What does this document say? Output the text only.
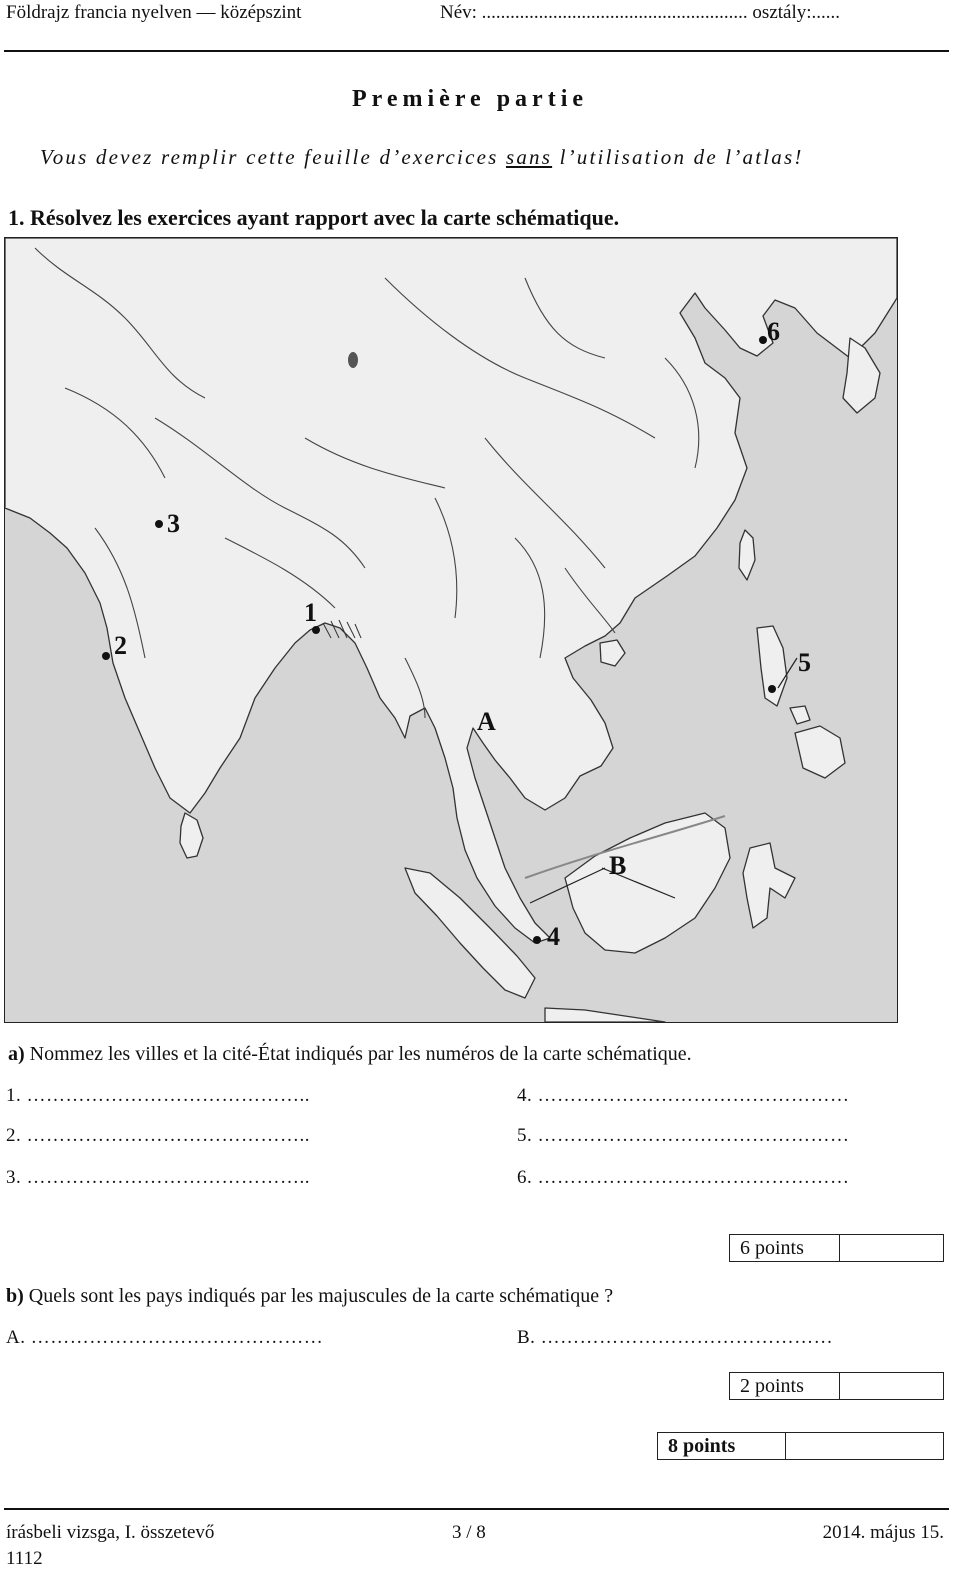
Földrajz francia nyelven — középszint	Név: ........................................................ osztály:......
Première partie
Vous devez remplir cette feuille d’exercices sans l’utilisation de l’atlas!
1. Résolvez les exercices ayant rapport avec la carte schématique.
1
2
3
4
5
6
A
B
a) Nommez les villes et la cité-État indiqués par les numéros de la carte schématique.
1. ……………………………………..
2. ……………………………………..
3. ……………………………………..
4. …………………………………………
5. …………………………………………
6. …………………………………………
6 points
b) Quels sont les pays indiqués par les majuscules de la carte schématique ?
A. ………………………………………	B. ………………………………………
2 points
8 points
írásbeli vizsga, I. összetevő
1112
3 / 8	2014. május 15.
